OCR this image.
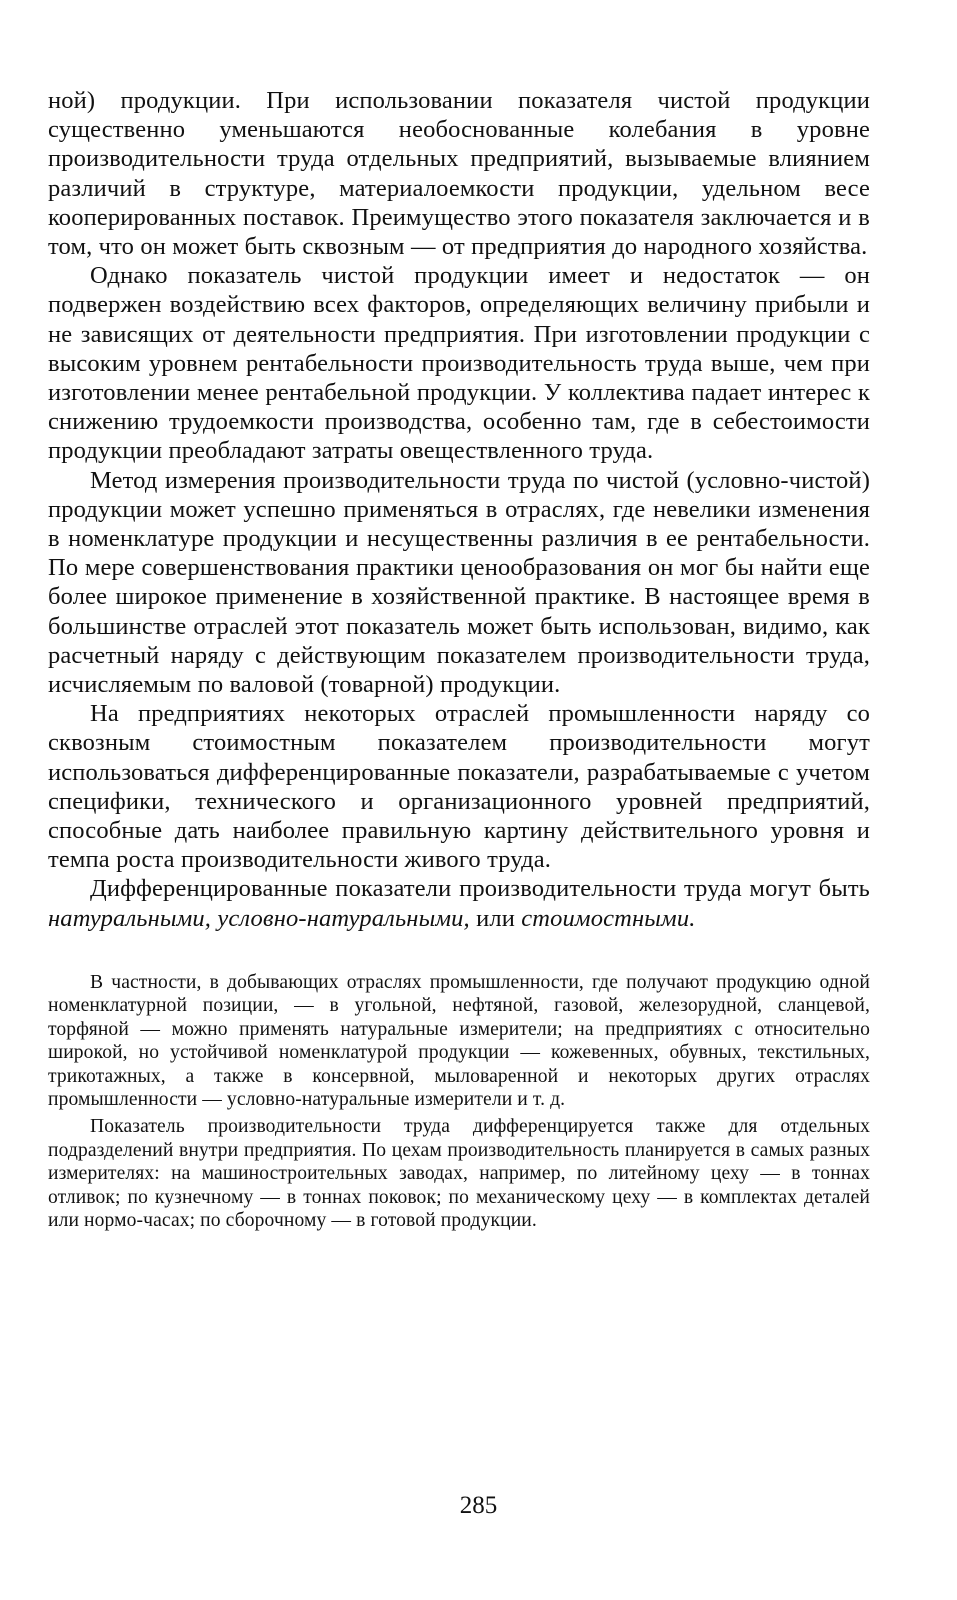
ной) продукции. При использовании показателя чистой продукции существенно уменьшаются необоснованные колебания в уровне производительности труда отдельных предприятий, вызываемые влиянием различий в структуре, материалоемкости продукции, удельном весе кооперированных поставок. Преимущество этого показателя заключается и в том, что он может быть сквозным — от предприятия до народного хозяйства.

Однако показатель чистой продукции имеет и недостаток — он подвержен воздействию всех факторов, определяющих величину прибыли и не зависящих от деятельности предприятия. При изготовлении продукции с высоким уровнем рентабельности производительность труда выше, чем при изготовлении менее рентабельной продукции. У коллектива падает интерес к снижению трудоемкости производства, особенно там, где в себестоимости продукции преобладают затраты овеществленного труда.

Метод измерения производительности труда по чистой (условно-чистой) продукции может успешно применяться в отраслях, где невелики изменения в номенклатуре продукции и несущественны различия в ее рентабельности. По мере совершенствования практики ценообразования он мог бы найти еще более широкое применение в хозяйственной практике. В настоящее время в большинстве отраслей этот показатель может быть использован, видимо, как расчетный наряду с действующим показателем производительности труда, исчисляемым по валовой (товарной) продукции.

На предприятиях некоторых отраслей промышленности наряду со сквозным стоимостным показателем производительности могут использоваться дифференцированные показатели, разрабатываемые с учетом специфики, технического и организационного уровней предприятий, способные дать наиболее правильную картину действительного уровня и темпа роста производительности живого труда.

Дифференцированные показатели производительности труда могут быть натуральными, условно-натуральными, или стоимостными.

В частности, в добывающих отраслях промышленности, где получают продукцию одной номенклатурной позиции, — в угольной, нефтяной, газовой, железорудной, сланцевой, торфяной — можно применять натуральные измерители; на предприятиях с относительно широкой, но устойчивой номенклатурой продукции — кожевенных, обувных, текстильных, трикотажных, а также в консервной, мыловаренной и некоторых других отраслях промышленности — условно-натуральные измерители и т. д.

Показатель производительности труда дифференцируется также для отдельных подразделений внутри предприятия. По цехам производительность планируется в самых разных измерителях: на машиностроительных заводах, например, по литейному цеху — в тоннах отливок; по кузнечному — в тоннах поковок; по механическому цеху — в комплектах деталей или нормо-часах; по сборочному — в готовой продукции.

285
